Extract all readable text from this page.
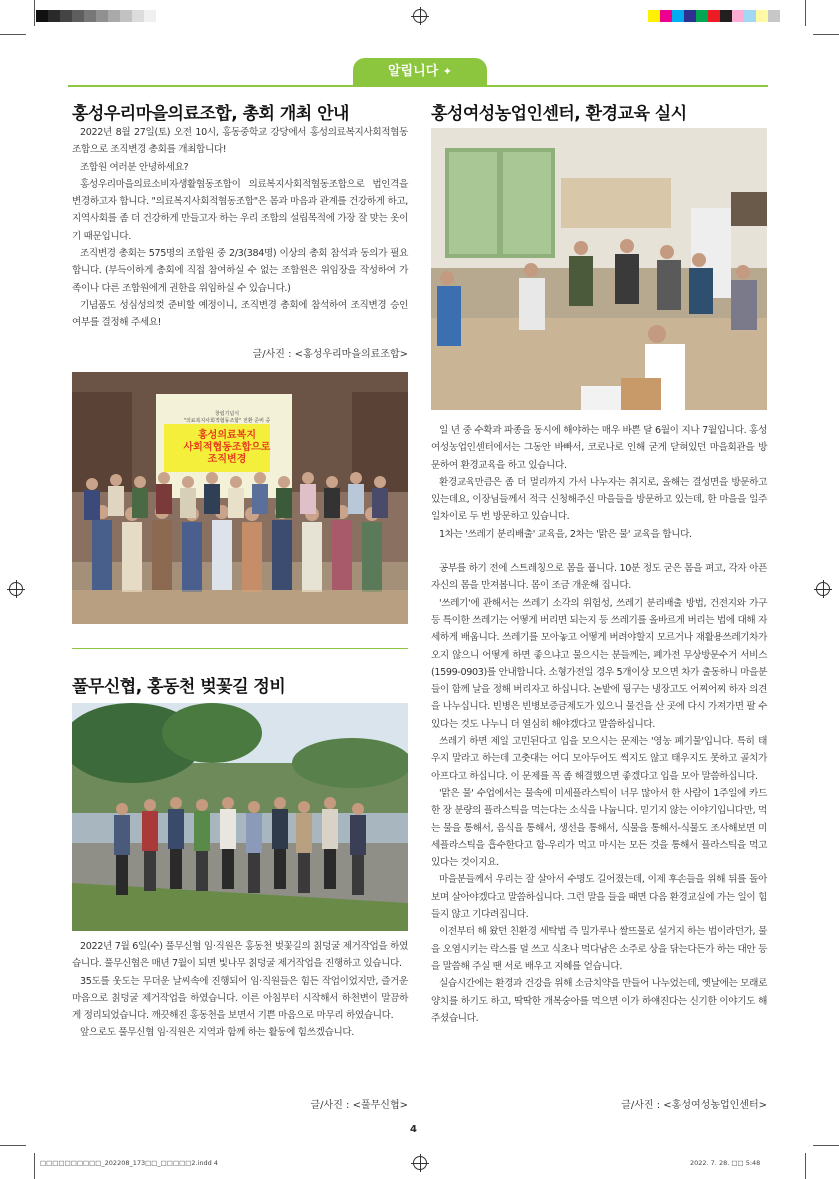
알립니다 ✦
홍성우리마을의료조합, 총회 개최 안내

2022년 8월 27일(토) 오전 10시, 홍동중학교 강당에서 홍성의료복지사회적협동조합으로 조직변경 총회를 개최합니다!

조합원 여러분 안녕하세요?

홍성우리마을의료소비자생활협동조합이 의료복지사회적협동조합으로 법인격을 변경하고자 합니다. "의료복지사회적협동조합"은 몸과 마음과 관계를 건강하게 하고, 지역사회를 좀 더 건강하게 만들고자 하는 우리 조합의 설립목적에 가장 잘 맞는 옷이기 때문입니다.

조직변경 총회는 575명의 조합원 중 2/3(384명) 이상의 총회 참석과 동의가 필요합니다. (부득이하게 총회에 직접 참여하실 수 없는 조합원은 위임장을 작성하여 가족이나 다른 조합원에게 권한을 위임하실 수 있습니다.)

기념품도 성심성의껏 준비할 예정이니, 조직변경 총회에 참석하여 조직변경 승인 여부를 결정해 주세요!

글/사진 : <홍성우리마을의료조합>
창립기념식
"의료복지사회적협동조합" 전환 준비 중
홍성의료복지
사회적협동조합으로
조직변경
풀무신협, 홍동천 벚꽃길 정비

2022년 7월 6일(수) 풀무신협 임·직원은 홍동천 벚꽃길의 칡덩굴 제거작업을 하였습니다. 풀무신협은 매년 7월이 되면 빛나무 칡덩굴 제거작업을 진행하고 있습니다.

35도를 웃도는 무더운 날씨속에 진행되어 임·직원들은 힘든 작업이었지만, 즐거운 마음으로 칡덩굴 제거작업을 하였습니다. 이른 아침부터 시작해서 하천변이 말끔하게 정리되었습니다. 깨끗해진 홍동천을 보면서 기쁜 마음으로 마무리 하였습니다.

앞으로도 풀무신협 임·직원은 지역과 함께 하는 활동에 힘쓰겠습니다.

글/사진 : <풀무신협>
홍성여성농업인센터, 환경교육 실시

일 년 중 수확과 파종을 동시에 해야하는 매우 바쁜 달 6월이 지나 7월입니다. 홍성여성농업인센터에서는 그동안 바빠서, 코로나로 인해 굳게 닫혀있던 마을회관을 방문하여 환경교육을 하고 있습니다.

환경교육만큼은 좀 더 멀리까지 가서 나누자는 취지로, 올해는 결성면을 방문하고 있는데요, 이장님들께서 적극 신청해주신 마을들을 방문하고 있는데, 한 마을을 일주일차이로 두 번 방문하고 있습니다.

1차는 '쓰레기 분리배출' 교육을, 2차는 '맑은 물' 교육을 합니다.

공부를 하기 전에 스트레칭으로 몸을 풉니다. 10분 정도 굳은 몸을 펴고, 각자 아픈 자신의 몸을 만져봅니다. 몸이 조금 개운해 집니다.

'쓰레기'에 관해서는 쓰레기 소각의 위험성, 쓰레기 분리배출 방법, 건전지와 가구 등 특이한 쓰레기는 어떻게 버리면 되는지 등 쓰레기를 올바르게 버리는 법에 대해 자세하게 배웁니다. 쓰레기를 모아놓고 어떻게 버려야할지 모르거나 재활용쓰레기차가 오지 않으니 어떻게 하면 좋으냐고 물으시는 분들께는, 폐가전 무상방문수거 서비스(1599-0903)를 안내합니다. 소형가전일 경우 5개이상 모으면 차가 출동하니 마을분들이 함께 날을 정해 버리자고 하십니다. 논밭에 뒹구는 냉장고도 어찌어찌 하자 의견을 나누십니다. 빈병은 빈병보증금제도가 있으니 물건을 산 곳에 다시 가져가면 팔 수 있다는 것도 나누니 더 열심히 해야겠다고 말씀하십니다.

쓰레기 하면 제일 고민된다고 입을 모으시는 문제는 '영농 폐기물'입니다. 특히 태우지 말라고 하는데 고춧대는 어디 모아두어도 썩지도 않고 태우지도 못하고 골치가 아프다고 하십니다. 이 문제를 꼭 좀 해결했으면 좋겠다고 입을 모아 말씀하십니다.

'맑은 물' 수업에서는 물속에 미세플라스틱이 너무 많아서 한 사람이 1주일에 카드 한 장 분량의 플라스틱을 먹는다는 소식을 나눕니다. 믿기지 않는 이야기입니다만, 먹는 물을 통해서, 음식을 통해서, 생선을 통해서, 식물을 통해서-식물도 조사해보면 미세플라스틱을 흡수한다고 함-우리가 먹고 마시는 모든 것을 통해서 플라스틱을 먹고 있다는 것이지요.

마을분들께서 우리는 잘 살아서 수명도 길어졌는데, 이제 후손들을 위해 뒤를 돌아보며 살아야겠다고 말씀하십니다. 그런 말을 들을 때면 다음 환경교실에 가는 일이 힘들지 않고 기다려집니다.

이전부터 해 왔던 친환경 세탁법 즉 밀가루나 쌀뜨물로 설거지 하는 법이라던가, 물을 오염시키는 락스를 덜 쓰고 식초나 먹다남은 소주로 상을 닦는다든가 하는 대안 등을 말씀해 주실 땐 서로 배우고 지혜를 얻습니다.

실습시간에는 환경과 건강을 위해 소금치약을 만들어 나누었는데, 옛날에는 모래로 양치를 하기도 하고, 딱딱한 개복숭아를 먹으면 이가 하얘진다는 신기한 이야기도 해주셨습니다.

글/사진 : <홍성여성농업인센터>
4
□□□□□□□□□□_202208_173□□_□□□□□2.indd 4	2022. 7. 28. □□ 5:48
